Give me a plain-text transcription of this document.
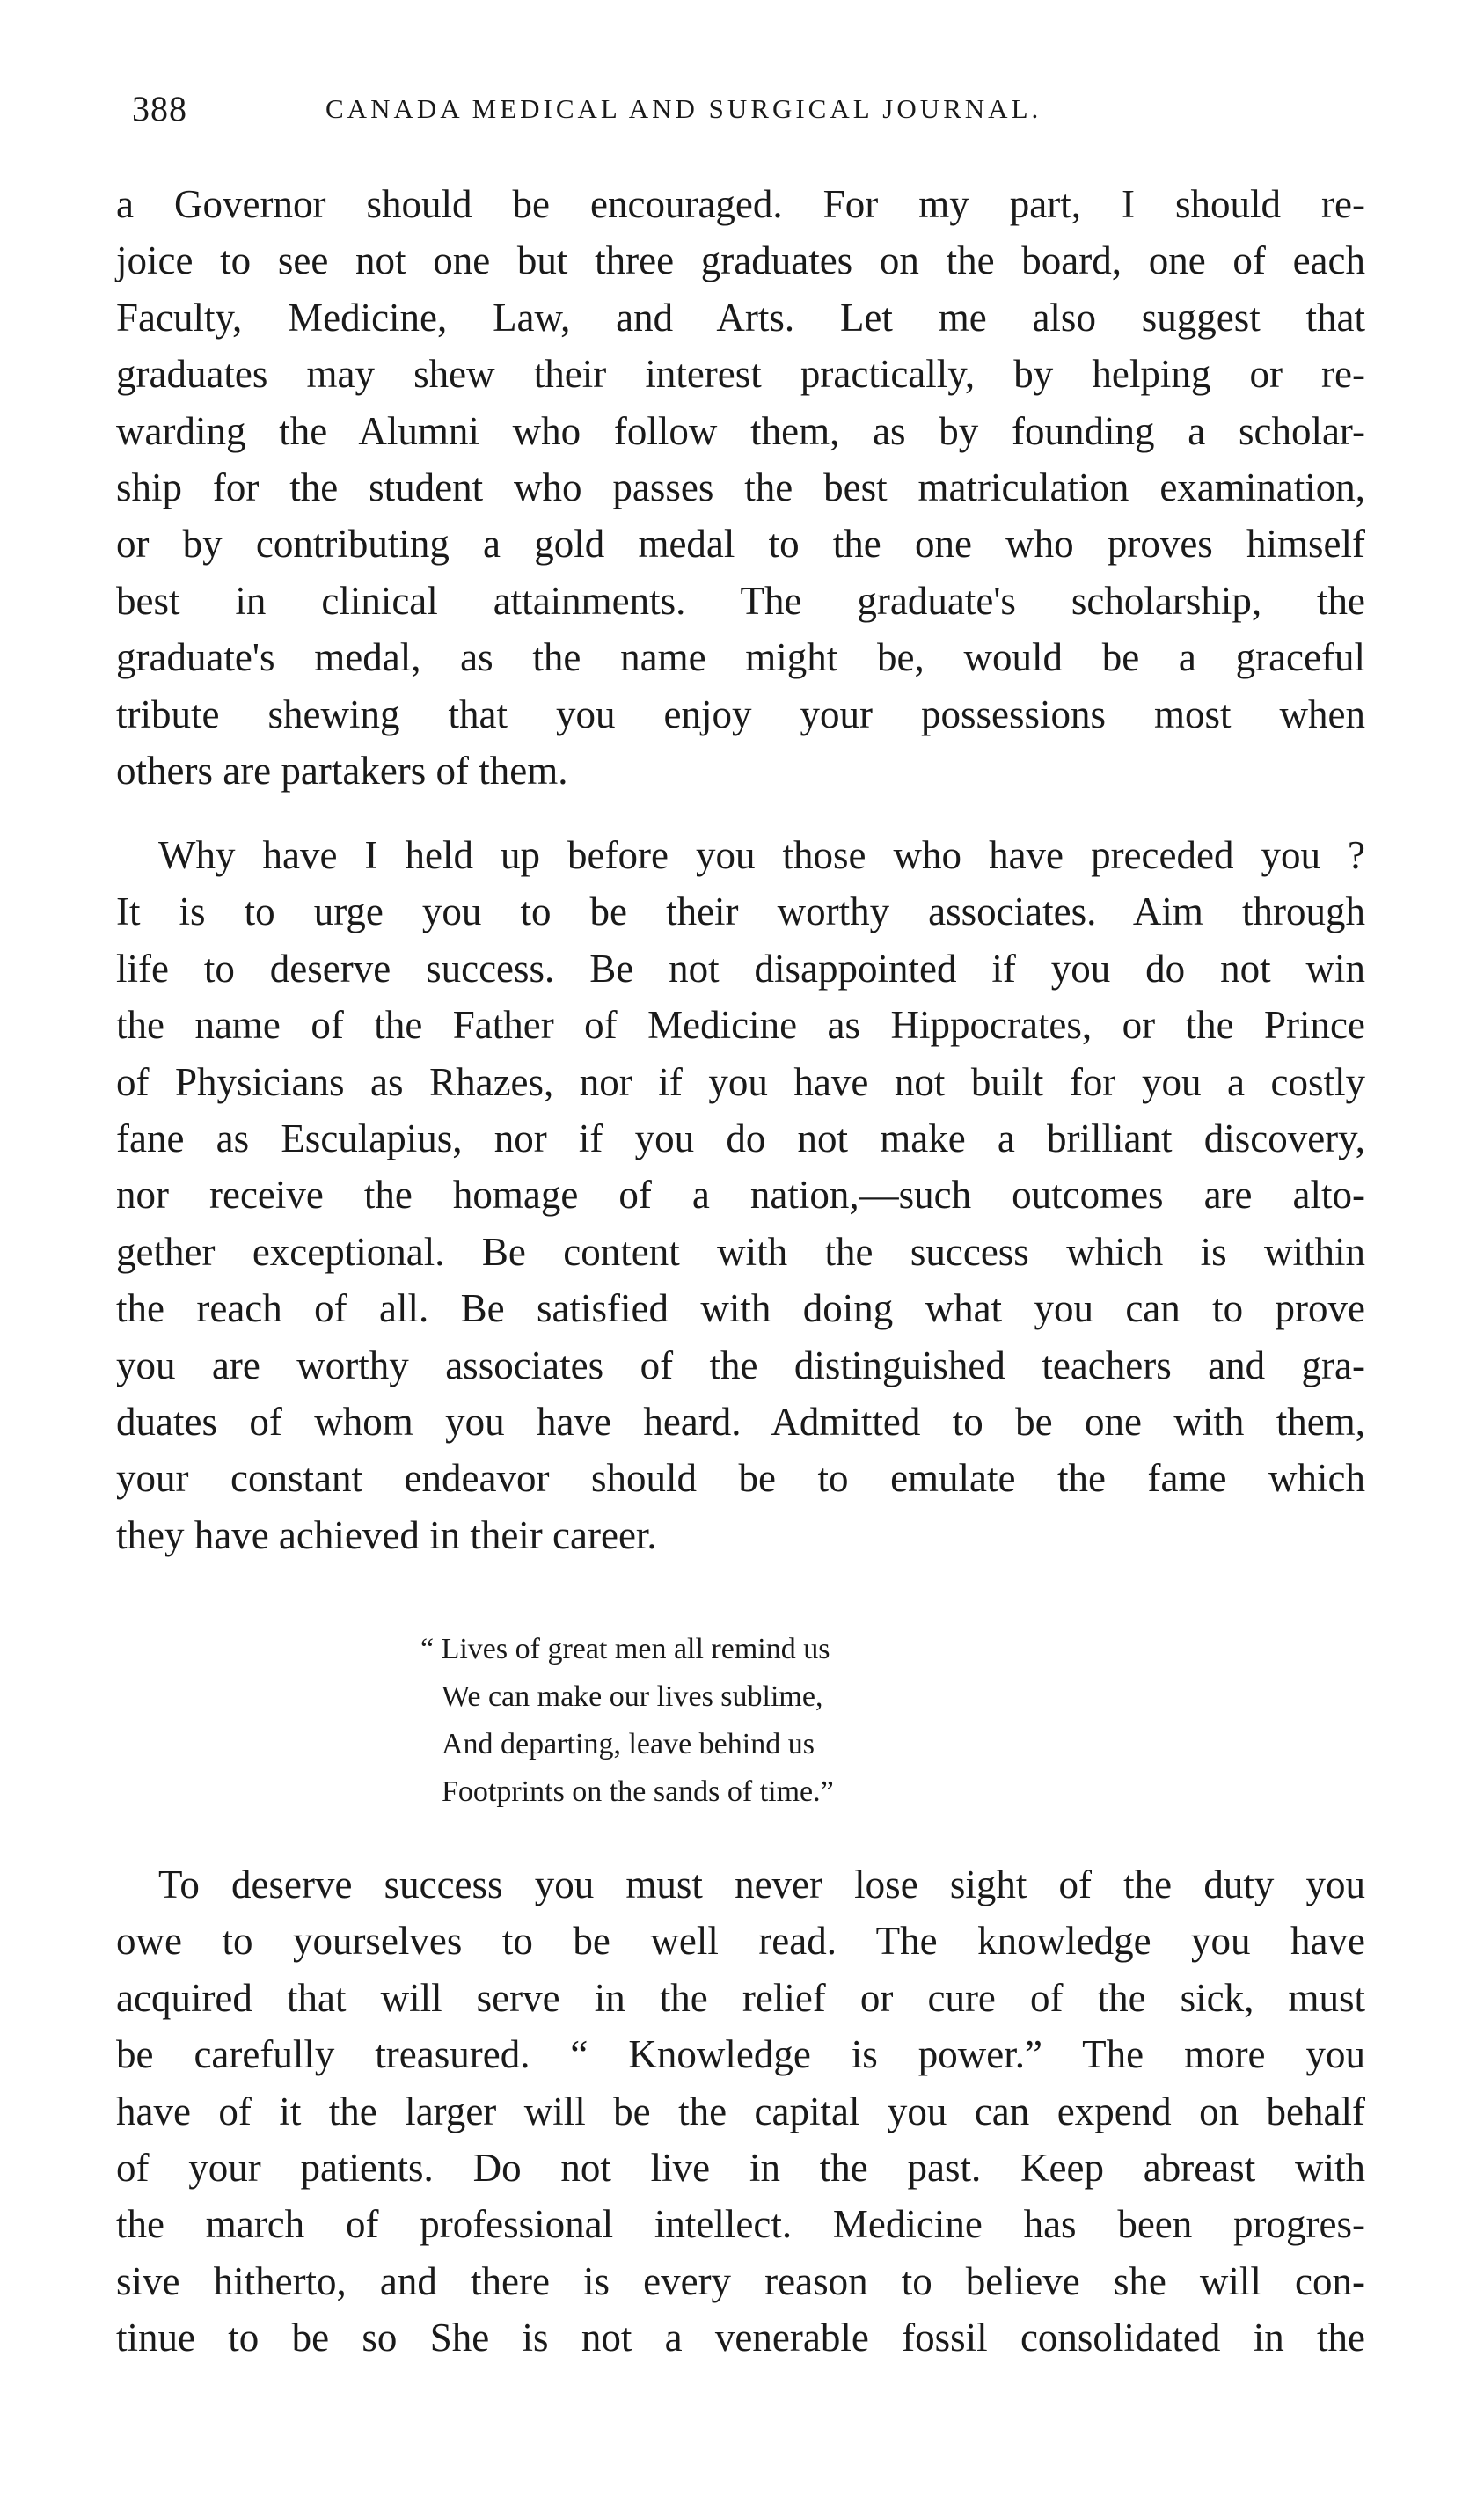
388	CANADA MEDICAL AND SURGICAL JOURNAL.
a Governor should be encouraged. For my part, I should re-
joice to see not one but three graduates on the board, one of each
Faculty, Medicine, Law, and Arts. Let me also suggest that
graduates may shew their interest practically, by helping or re-
warding the Alumni who follow them, as by founding a scholar-
ship for the student who passes the best matriculation examination,
or by contributing a gold medal to the one who proves himself
best in clinical attainments. The graduate's scholarship, the
graduate's medal, as the name might be, would be a graceful
tribute shewing that you enjoy your possessions most when
others are partakers of them.
Why have I held up before you those who have preceded you ?
It is to urge you to be their worthy associates. Aim through
life to deserve success. Be not disappointed if you do not win
the name of the Father of Medicine as Hippocrates, or the Prince
of Physicians as Rhazes, nor if you have not built for you a costly
fane as Esculapius, nor if you do not make a brilliant discovery,
nor receive the homage of a nation,—such outcomes are alto-
gether exceptional. Be content with the success which is within
the reach of all. Be satisfied with doing what you can to prove
you are worthy associates of the distinguished teachers and gra-
duates of whom you have heard. Admitted to be one with them,
your constant endeavor should be to emulate the fame which
they have achieved in their career.
“ Lives of great men all remind us
We can make our lives sublime,
And departing, leave behind us
Footprints on the sands of time.”
To deserve success you must never lose sight of the duty you
owe to yourselves to be well read. The knowledge you have
acquired that will serve in the relief or cure of the sick, must
be carefully treasured. “ Knowledge is power.” The more you
have of it the larger will be the capital you can expend on behalf
of your patients. Do not live in the past. Keep abreast with
the march of professional intellect. Medicine has been progres-
sive hitherto, and there is every reason to believe she will con-
tinue to be so She is not a venerable fossil consolidated in the
